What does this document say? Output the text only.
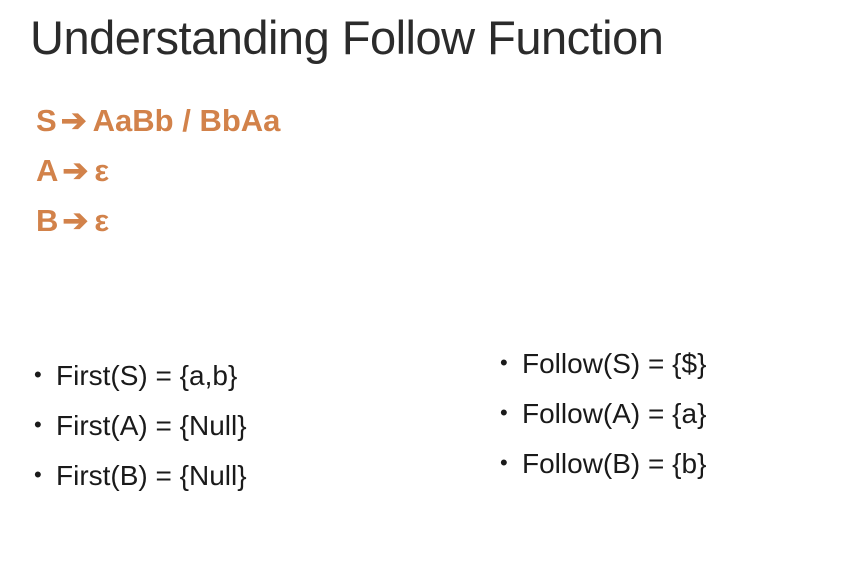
Understanding Follow Function
S ➔ AaBb / BbAa
A ➔ ε
B ➔ ε
• First(S) = {a,b}
• First(A) = {Null}
• First(B) = {Null}
• Follow(S) = {$}
• Follow(A) = {a}
• Follow(B) = {b}
